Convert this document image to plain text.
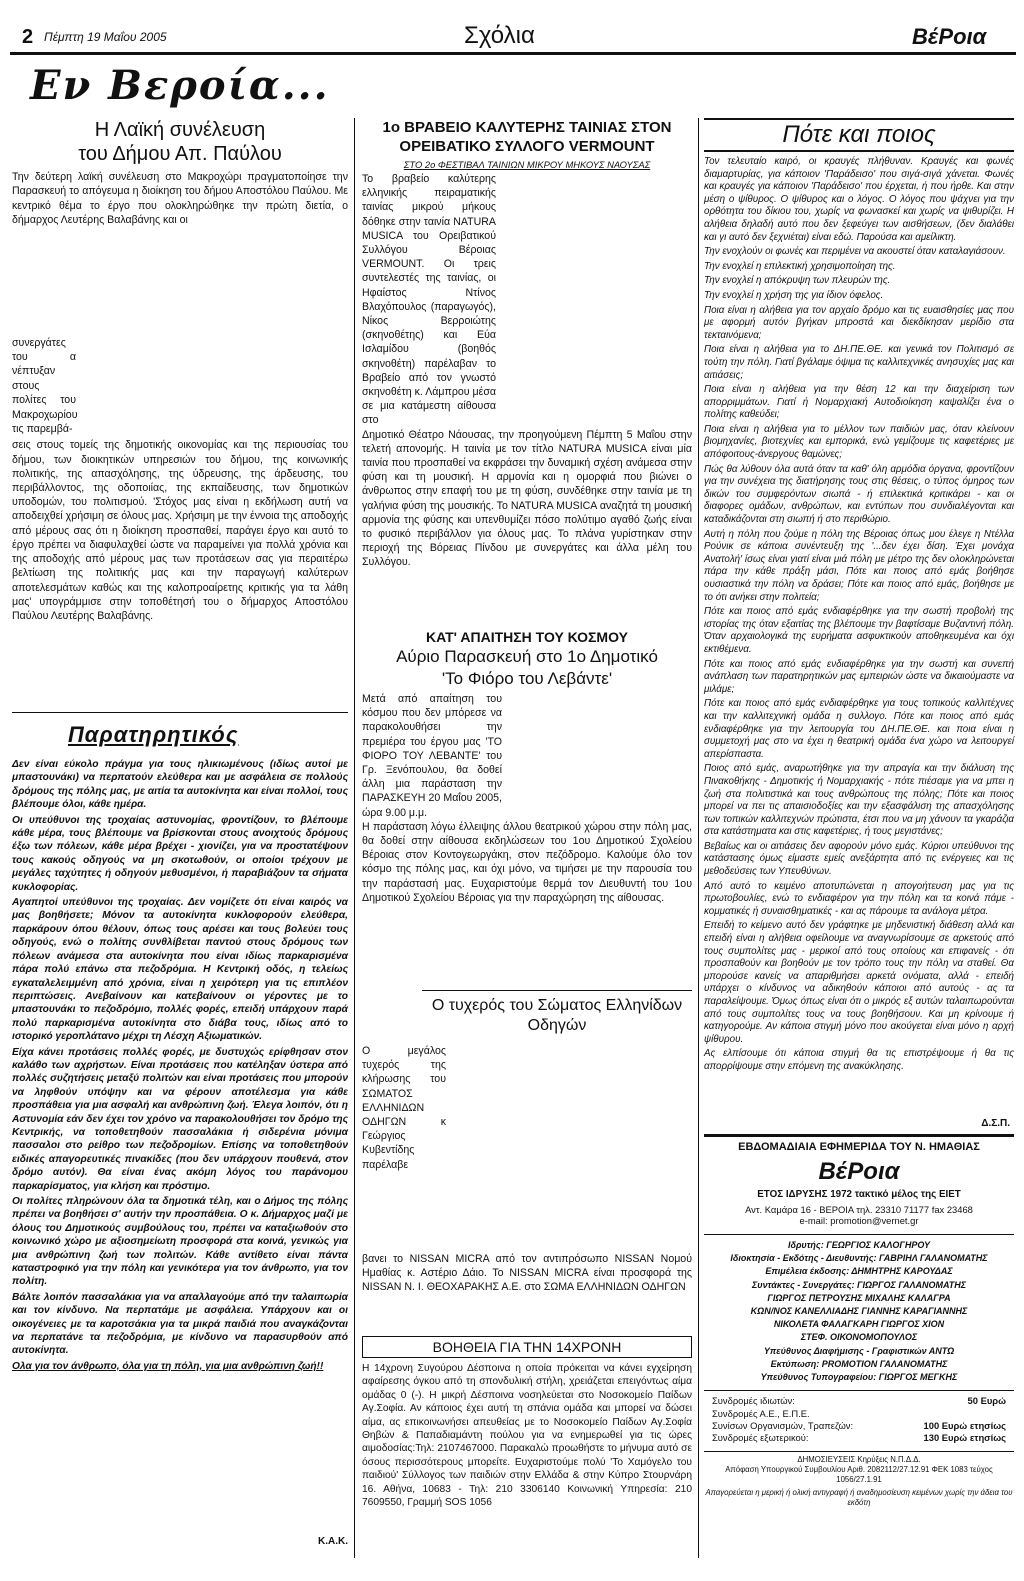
2 Πέμπτη 19 Μαΐου 2005	Σχόλια	ΒέΡοια
Εν Βεροία...
Η Λαϊκή συνέλευση
του Δήμου Απ. Παύλου
Την δεύτερη λαϊκή συνέλευση στο Μακροχώρι πραγματοποίησε την Παρασκευή το απόγευμα η διοίκηση του δήμου Αποστόλου Παύλου. Με κεντρικό θέμα το έργο που ολοκληρώθηκε την πρώτη διετία, ο δήμαρχος Λευτέρης Βαλαβάνης και οι
συνεργάτες του α νέπτυξαν στους πολίτες του Μακροχωρίου τις παρεμβά-
σεις στους τομείς της δημοτικής οικονομίας και της περιουσίας του δήμου, των διοικητικών υπηρεσιών του δήμου, της κοινωνικής πολιτικής, της απασχόλησης, της ύδρευσης, της άρδευσης, του περιβάλλοντος, της οδοποιίας, της εκπαίδευσης, των δημοτικών υποδομών, του πολιτισμού. 'Στόχος μας είναι η εκδήλωση αυτή να αποδειχθεί χρήσιμη σε όλους μας. Χρήσιμη με την έννοια της αποδοχής από μέρους σας ότι η διοίκηση προσπαθεί, παράγει έργο και αυτό το έργο πρέπει να διαφυλαχθεί ώστε να παραμείνει για πολλά χρόνια και της αποδοχής από μέρους μας των προτάσεων σας για περαιτέρω βελτίωση της πολιτικής μας και την παραγωγή καλύτερων αποτελεσμάτων καθώς και της καλοπροαίρετης κριτικής για τα λάθη μας' υπογράμμισε στην τοποθέτησή του ο δήμαρχος Αποστόλου Παύλου Λευτέρης Βαλαβάνης.
Παρατηρητικός

Δεν είναι εύκολο πράγμα για τους ηλικιωμένους (ιδίως αυτοί με μπαστουνάκι) να περπατούν ελεύθερα και με ασφάλεια σε πολλούς δρόμους της πόλης μας, με αιτία τα αυτοκίνητα και είναι πολλοί, τους βλέπουμε όλοι, κάθε ημέρα.

Οι υπεύθυνοι της τροχαίας αστυνομίας, φροντίζουν, το βλέπουμε κάθε μέρα, τους βλέπουμε να βρίσκονται στους ανοιχτούς δρόμους έξω των πόλεων, κάθε μέρα βρέχει - χιονίζει, για να προστατέψουν τους κακούς οδηγούς να μη σκοτωθούν, οι οποίοι τρέχουν με μεγάλες ταχύτητες ή οδηγούν μεθυσμένοι, ή παραβιάζουν τα σήματα κυκλοφορίας.

Αγαπητοί υπεύθυνοι της τροχαίας. Δεν νομίζετε ότι είναι καιρός να μας βοηθήσετε; Μόνον τα αυτοκίνητα κυκλοφορούν ελεύθερα, παρκάρουν όπου θέλουν, όπως τους αρέσει και τους βολεύει τους οδηγούς, ενώ ο πολίτης συνθλίβεται παντού στους δρόμους των πόλεων ανάμεσα στα αυτοκίνητα που είναι ιδίως παρκαρισμένα πάρα πολύ επάνω στα πεζοδρόμια. Η Κεντρική οδός, η τελείως εγκαταλελειμμένη από χρόνια, είναι η χειρότερη για τις επιπλέον περιπτώσεις. Ανεβαίνουν και κατεβαίνουν οι γέροντες με το μπαστουνάκι το πεζοδρόμιο, πολλές φορές, επειδή υπάρχουν παρά πολύ παρκαρισμένα αυτοκίνητα στο διάβα τους, ιδίως από το ιστορικό γεροπλάτανο μέχρι τη Λέσχη Αξιωματικών.

Είχα κάνει προτάσεις πολλές φορές, με δυστυχώς ερίφθησαν στον καλάθο των αχρήστων. Είναι προτάσεις που κατέληξαν ύστερα από πολλές συζητήσεις μεταξύ πολιτών και είναι προτάσεις που μπορούν να ληφθούν υπόψην και να φέρουν αποτέλεσμα για κάθε προσπάθεια για μια ασφαλή και ανθρώπινη ζωή. Έλεγα λοιπόν, ότι η Αστυνομία εάν δεν έχει τον χρόνο να παρακολουθήσει τον δρόμο της Κεντρικής, να τοποθετηθούν πασσαλάκια ή σιδερένια μόνιμα πασσαλοι στο ρείθρο των πεζοδρομίων. Επίσης να τοποθετηθούν ειδικές απαγορευτικές πινακίδες (που δεν υπάρχουν πουθενά, στον δρόμο αυτόν). Θα είναι ένας ακόμη λόγος του παράνομου παρκαρίσματος, για κλήση και πρόστιμο.

Οι πολίτες πληρώνουν όλα τα δημοτικά τέλη, και ο Δήμος της πόλης πρέπει να βοηθήσει σ' αυτήν την προσπάθεια. Ο κ. Δήμαρχος μαζί με όλους του Δημοτικούς συμβούλους του, πρέπει να καταξιωθούν στο κοινωνικό χώρο με αξιοσημείωτη προσφορά στα κοινά, γενικώς για μια ανθρώπινη ζωή των πολιτών. Κάθε αντίθετο είναι πάντα καταστροφικό για την πόλη και γενικότερα για τον άνθρωπο, για τον πολίτη.

Βάλτε λοιπόν πασσαλάκια για να απαλλαγούμε από την ταλαιπωρία και τον κίνδυνο. Να περπατάμε με ασφάλεια. Υπάρχουν και οι οικογένειες με τα καροτσάκια για τα μικρά παιδιά που αναγκάζονται να περπατάνε τα πεζοδρόμια, με κίνδυνο να παρασυρθούν από αυτοκίνητα.

Ολα για τον άνθρωπο, όλα για τη πόλη, για μια ανθρώπινη ζωή!!

Κ.Α.Κ.
1ο ΒΡΑΒΕΙΟ ΚΑΛΥΤΕΡΗΣ ΤΑΙΝΙΑΣ ΣΤΟΝ ΟΡΕΙΒΑΤΙΚΟ ΣΥΛΛΟΓΟ VERMOUNT
ΣΤΟ 2ο ΦΕΣΤΙΒΑΛ ΤΑΙΝΙΩΝ ΜΙΚΡΟΥ ΜΗΚΟΥΣ ΝΑΟΥΣΑΣ
Το βραβείο καλύτερης ελληνικής πειραματικής ταινίας μικρού μήκους δόθηκε στην ταινία NATURA MUSICA του Ορειβατικού Συλλόγου Βέροιας VERMOUNT. Οι τρεις συντελεστές της ταινίας, οι Ηφαίστος Ντίνος Βλαχόπουλος (παραγωγός), Νίκος Βερροιώτης (σκηνοθέτης) και Εύα Ισλαμίδου (βοηθός σκηνοθέτη) παρέλαβαν το Βραβείο από τον γνωστό σκηνοθέτη κ. Λάμπρου μέσα σε μια κατάμεστη αίθουσα στο
Δημοτικό Θέατρο Νάουσας, την προηγούμενη Πέμπτη 5 Μαΐου στην τελετή απονομής. Η ταινία με τον τίτλο NATURA MUSICA είναι μία ταινία που προσπαθεί να εκφράσει την δυναμική σχέση ανάμεσα στην φύση και τη μουσική. Η αρμονία και η ομορφιά που βιώνει ο άνθρωπος στην επαφή του με τη φύση, συνδέθηκε στην ταινία με τη γαλήνια φύση της μουσικής. Το NATURA MUSICA αναζητά τη μουσική αρμονία της φύσης και υπενθυμίζει πόσο πολύτιμο αγαθό ζωής είναι το φυσικό περιβάλλον για όλους μας. Το πλάνα γυρίστηκαν στην περιοχή της Βόρειας Πίνδου με συνεργάτες και άλλα μέλη του Συλλόγου.
ΚΑΤ' ΑΠΑΙΤΗΣΗ ΤΟΥ ΚΟΣΜΟΥ
Αύριο Παρασκευή στο 1ο Δημοτικό
'Το Φιόρο του Λεβάντε'
Μετά από απαίτηση του κόσμου που δεν μπόρεσε να παρακολουθήσει την πρεμιέρα του έργου μας 'ΤΟ ΦΙΟΡΟ ΤΟΥ ΛΕΒΑΝΤΕ' του Γρ. Ξενόπουλου, θα δοθεί άλλη μια παράσταση την ΠΑΡΑΣΚΕΥΗ 20 Μαΐου 2005, ώρα 9.00 μ.μ.
Η παράσταση λόγω έλλειψης άλλου θεατρικού χώρου στην πόλη μας, θα δοθεί στην αίθουσα εκδηλώσεων του 1ου Δημοτικού Σχολείου Βέροιας στον Κοντογεωργάκη, στον πεζόδρομο. Καλούμε όλο τον κόσμο της πόλης μας, και όχι μόνο, να τιμήσει με την παρουσία του την παράστασή μας. Ευχαριστούμε θερμά τον Διευθυντή του 1ου Δημοτικού Σχολείου Βέροιας για την παραχώρηση της αίθουσας.
Ο τυχερός του Σώματος Ελληνίδων Οδηγών
Ο μεγάλος τυχερός της κλήρωσης του ΣΩΜΑΤΟΣ ΕΛΛΗΝΙΔΩΝ ΟΔΗΓΩΝ κ Γεώργιος Κυβεντίδης παρέλαβε
βανει το NISSAN MICRA από τον αντιπρόσωπο NISSAN Νομού Ημαθίας κ. Αστέριο Δάιο. Το NISSAN MICRA είναι προσφορά της NISSAN Ν. Ι. ΘΕΟΧΑΡΑΚΗΣ Α.Ε. στο ΣΩΜΑ ΕΛΛΗΝΙΔΩΝ ΟΔΗΓΩΝ
ΒΟΗΘΕΙΑ ΓΙΑ ΤΗΝ 14ΧΡΟΝΗ
Η 14χρονη Συγούρου Δέσποινα η οποία πρόκειται να κάνει εγχείρηση αφαίρεσης όγκου από τη σπονδυλική στήλη, χρειάζεται επειγόντως αίμα ομάδας 0 (-). Η μικρή Δέσποινα νοσηλεύεται στο Νοσοκομείο Παίδων Αγ.Σοφία. Αν κάποιος έχει αυτή τη σπάνια ομάδα και μπορεί να δώσει αίμα, ας επικοινωνήσει απευθείας με το Νοσοκομείο Παίδων Αγ.Σοφία Θηβών & Παπαδιαμάντη πούλου για να ενημερωθεί για τις ώρες αιμοδοσίας:Τηλ: 2107467000. Παρακαλώ προωθήστε το μήνυμα αυτό σε όσους περισσότερους μπορείτε. Ευχαριστούμε πολύ 'Το Χαμόγελο του παιδιού' Σύλλογος των παιδιών στην Ελλάδα & στην Κύπρο Στουρνάρη 16. Αθήνα, 10683 - Τηλ: 210 3306140 Κοινωνική Υπηρεσία: 210 7609550, Γραμμή SOS 1056
Πότε και ποιος

Τον τελευταίο καιρό, οι κραυγές πλήθυναν. Κραυγές και φωνές διαμαρτυρίας, για κάποιον 'Παράδεισο' που σιγά-σιγά χάνεται. Φωνές και κραυγές για κάποιον 'Παράδεισο' που έρχεται, ή που ήρθε. Και στην μέση ο ψίθυρος. Ο ψίθυρος και ο λόγος. Ο λόγος που ψάχνει για την ορθότητα του δίκιου του, χωρίς να φωνασκεί και χωρίς να ψιθυρίζει. Η αλήθεια δηλαδή αυτό που δεν ξεφεύγει των αισθήσεων, (δεν διαλάθει και γι αυτό δεν ξεχνιέται) είναι εδώ. Παρούσα και αμείλικτη.

Την ενοχλούν οι φωνές και περιμένει να ακουστεί όταν καταλαγιάσουν.

Την ενοχλεί η επιλεκτική χρησιμοποίηση της.

Την ενοχλεί η απόκρυψη των πλευρών της.

Την ενοχλεί η χρήση της για ίδιον όφελος.

Ποια είναι η αλήθεια για τον αρχαίο δρόμο και τις ευαισθησίες μας που με αφορμή αυτόν βγήκαν μπροστά και διεκδίκησαν μερίδιο στα τεκταινόμενα;

Ποια είναι η αλήθεια για το ΔΗ.ΠΕ.ΘΕ. και γενικά τον Πολιτισμό σε τούτη την πόλη. Γιατί βγάλαμε όψιμα τις καλλιτεχνικές ανησυχίες μας και αιτιάσεις;

Ποια είναι η αλήθεια για την θέση 12 και την διαχείριση των απορριμμάτων. Γιατί ή Νομαρχιακή Αυτοδιοίκηση καψαλίζει ένα ο πολίτης καθεύδει;

Ποια είναι η αλήθεια για το μέλλον των παιδιών μας, όταν κλείνουν βιομηχανίες, βιοτεχνίες και εμπορικά, ενώ γεμίζουμε τις καφετέριες με απόφοιτους-άνεργους θαμώνες;

Πώς θα λύθουν όλα αυτά όταν τα καθ' όλη αρμόδια όργανα, φροντίζουν για την συνέχεια της διατήρησης τους στις θέσεις, ο τύπος όμηρος των δικών του συμφερόντων σιωπά - ή επιλεκτικά κριτικάρει - και οι διαφορες ομάδων, ανθρώπων, και εντύπων που συνδιαλέγονται και καταδικάζονται στη σιωπή ή στο περιθώριο.

Αυτή η πόλη που ζούμε η πόλη της Βέροιας όπως μου έλεγε η Ντέλλα Ρούνικ σε κάποια συνέντευξη της '...δεν έχει δίση. Έχει μονάχα Ανατολή' ίσως είναι γιατί είναι μιά πόλη με μέτρο της δεν ολοκληρώνεται πάρα την κάθε πράξη μάσι, Πότε και ποιος από εμάς βοήθησε ουσιαστικά την πόλη να δράσει; Πότε και ποιος από εμάς, βοήθησε με το ότι ανήκει στην πολιτεία;

Πότε και ποιος από εμάς ενδιαφέρθηκε για την σωστή προβολή της ιστορίας της όταν εξαιτίας της βλέπουμε την βαφτίσαμε Βυζαντινή πόλη. Όταν αρχαιολογικά της ευρήματα ασφυκτικούν αποθηκευμένα και όχι εκτιθέμενα.

Πότε και ποιος από εμάς ενδιαφέρθηκε για την σωστή και συνεπή ανάπλαση των παρατηρητικών μας εμπειριών ώστε να δικαιούμαστε να μιλάμε;

Πότε και ποιος από εμάς ενδιαφέρθηκε για τους τοπικούς καλλιτέχνες και την καλλιτεχνική ομάδα η συλλογο. Πότε και ποιος από εμάς ενδιαφέρθηκε για την λειτουργία του ΔΗ.ΠΕ.ΘΕ. και ποια είναι η συμμετοχή μας στο να έχει η θεατρική ομάδα ένα χώρο να λειτουργεί απερίσπαστα.

Ποιος από εμάς, αναρωτήθηκε για την απραγία και την διάλυση της Πινακοθήκης - Δημοτικής ή Νομαρχιακής - πότε πιέσαμε για να μπει η ζωή στα πολιτιστικά και τους ανθρώπους της πόλης; Πότε και ποιος μπορεί να πει τις απαισιοδοξίες και την εξασφάλιση της απασχόλησης των τοπικών καλλιτεχνών πρώτιστα, έτσι που να μη χάνουν τα γκαράζια στα κατάστηματα και στις καφετέριες, ή τους μεγιστάνες;

Βεβαίως και οι αιτιάσεις δεν αφορούν μόνο εμάς. Κύριοι υπεύθυνοι της κατάστασης όμως είμαστε εμείς ανεξάρτητα από τις ενέργειες και τις μεθοδεύσεις των Υπευθύνων.

Από αυτό το κειμένο αποτυπώνεται η απογοήτευση μας για τις πρωτοβουλίες, ενώ το ενδιαφέρον για την πόλη και τα κοινά πάμε - κομματικές ή συναισθηματικές - και ας πάρουμε τα ανάλογα μέτρα.

Επειδή το κείμενο αυτό δεν γράφτηκε με μηδενιστική διάθεση αλλά και επειδή είναι η αλήθεια οφείλουμε να αναγνωρίσουμε σε αρκετούς από τους συμπολίτες μας - μερικοί από τους οποίους και επιφανείς - ότι προσπαθούν και βοηθούν με τον τρόπο τους την πόλη να σταθεί. Θα μπορούσε κανείς να απαριθμήσει αρκετά ονόματα, αλλά - επειδή υπάρχει ο κίνδυνος να αδικηθούν κάποιοι από αυτούς - ας τα παραλείψουμε. Όμως όπως είναι ότι ο μικρός εξ αυτών ταλαιπωρούνται από τους συμπολίτες τους να τους βοηθήσουν. Και μη κρίνουμε ή κατηγορούμε. Αν κάποια στιγμή μόνο που ακούγεται είναι μόνο η αρχή ψίθυρου.

Ας ελπίσουμε ότι κάποια στιγμή θα τις επιστρέψουμε ή θα τις απορρίψουμε στην επόμενη της ανακύκλησης.

Δ.Σ.Π.
ΕΒΔΟΜΑΔΙΑΙΑ ΕΦΗΜΕΡΙΔΑ ΤΟΥ Ν. ΗΜΑΘΙΑΣ
ΒέΡοια
ΕΤΟΣ ΙΔΡΥΣΗΣ 1972 τακτικό μέλος της ΕΙΕΤ
Αντ. Καμάρα 16 - ΒΕΡΟΙΑ τηλ. 23310 71177 fax 23468
e-mail: promotion@vernet.gr
Ιδρυτής: ΓΕΩΡΓΙΟΣ ΚΑΛΟΓΗΡΟΥ
Ιδιοκτησία - Εκδότης - Διευθυντής: ΓΑΒΡΙΗΛ ΓΑΛΑΝΟΜΑΤΗΣ
Επιμέλεια έκδοσης: ΔΗΜΗΤΡΗΣ ΚΑΡΟΥΔΑΣ
Συντάκτες - Συνεργάτες: ΓΙΩΡΓΟΣ ΓΑΛΑΝΟΜΑΤΗΣ
ΓΙΩΡΓΟΣ ΠΕΤΡΟΥΣΗΣ ΜΙΧΑΛΗΣ ΚΑΛΑΓΡΑ
ΚΩΝ/ΝΟΣ ΚΑΝΕΛΛΙΑΔΗΣ ΓΙΑΝΝΗΣ ΚΑΡΑΓΙΑΝΝΗΣ
ΝΙΚΟΛΕΤΑ ΦΑΛΑΓΚΑΡΗ ΓΙΩΡΓΟΣ ΧΙΟΝ
ΣΤΕΦ. ΟΙΚΟΝΟΜΟΠΟΥΛΟΣ
Υπεύθυνος Διαφήμισης - Γραφιστικών ΑΝΤΩ
Εκτύπωση: PROMOTION ΓΑΛΑΝΟΜΑΤΗΣ
Υπεύθυνος Τυπογραφείου: ΓΙΩΡΓΟΣ ΜΕΓΚΗΣ
Συνδρομές ιδιωτών:	50 Ευρώ
Συνδρομές Α.Ε., Ε.Π.Ε.
Συνίσων Οργανισμών, Τραπεζών:	100 Ευρώ ετησίως
Συνδρομές εξωτερικού:	130 Ευρώ ετησίως
ΔΗΜΟΣΙΕΥΣΕΙΣ Κηρύξεις Ν.Π.Δ.Δ.
Απόφαση Υπουργικού Συμβουλίου Αριθ. 2082112/27.12.91 ΦΕΚ 1083 τεύχος 1056/27.1.91
Απαγορεύεται η μερική ή ολική αντιγραφή ή αναδημοσίευση κειμένων χωρίς την άδεια του εκδότη
